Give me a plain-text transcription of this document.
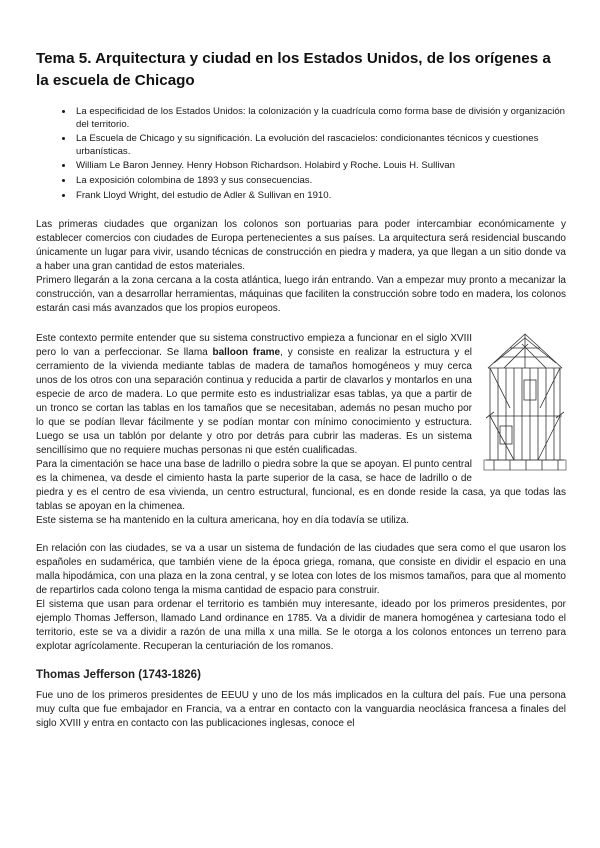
Tema 5. Arquitectura y ciudad en los Estados Unidos, de los orígenes a la escuela de Chicago
• La especificidad de los Estados Unidos: la colonización y la cuadrícula como forma base de división y organización del territorio.
• La Escuela de Chicago y su significación. La evolución del rascacielos: condicionantes técnicos y cuestiones urbanísticas.
• William Le Baron Jenney. Henry Hobson Richardson. Holabird y Roche. Louis H. Sullivan
• La exposición colombina de 1893 y sus consecuencias.
• Frank Lloyd Wright, del estudio de Adler & Sullivan en 1910.

Las primeras ciudades que organizan los colonos son portuarias para poder intercambiar económicamente y establecer comercios con ciudades de Europa pertenecientes a sus países. La arquitectura será residencial buscando únicamente un lugar para vivir, usando técnicas de construcción en piedra y madera, ya que llegan a un sitio donde va a haber una gran cantidad de estos materiales.

Primero llegarán a la zona cercana a la costa atlántica, luego irán entrando. Van a empezar muy pronto a mecanizar la construcción, van a desarrollar herramientas, máquinas que faciliten la construcción sobre todo en madera, los colonos estarán casi más avanzados que los propios europeos.

Este contexto permite entender que su sistema constructivo empieza a funcionar en el siglo XVIII pero lo van a perfeccionar. Se llama balloon frame, y consiste en realizar la estructura y el cerramiento de la vivienda mediante tablas de madera de tamaños homogéneos y muy cerca unos de los otros con una separación continua y reducida a partir de clavarlos y montarlos en una especie de arco de madera. Lo que permite esto es industrializar esas tablas, ya que a partir de un tronco se cortan las tablas en los tamaños que se necesitaban, además no pesan mucho por lo que se podían llevar fácilmente y se podían montar con mínimo conocimiento y estructura. Luego se usa un tablón por delante y otro por detrás para cubrir las maderas. Es un sistema sencillísimo que no requiere muchas personas ni que estén cualificadas.

Para la cimentación se hace una base de ladrillo o piedra sobre la que se apoyan. El punto central es la chimenea, va desde el cimiento hasta la parte superior de la casa, se hace de ladrillo o de piedra y es el centro de esa vivienda, un centro estructural, funcional, es en donde reside la casa, ya que todas las tablas se apoyan en la chimenea.

Este sistema se ha mantenido en la cultura americana, hoy en día todavía se utiliza.

En relación con las ciudades, se va a usar un sistema de fundación de las ciudades que sera como el que usaron los españoles en sudamérica, que también viene de la época griega, romana, que consiste en dividir el espacio en una malla hipodámica, con una plaza en la zona central, y se lotea con lotes de los mismos tamaños, para que al momento de repartirlos cada colono tenga la misma cantidad de espacio para construir.

El sistema que usan para ordenar el territorio es también muy interesante, ideado por los primeros presidentes, por ejemplo Thomas Jefferson, llamado Land ordinance en 1785. Va a dividir de manera homogénea y cartesiana todo el territorio, este se va a dividir a razón de una milla x una milla. Se le otorga a los colonos entonces un terreno para explotar agrícolamente. Recuperan la centuriación de los romanos.

Thomas Jefferson (1743-1826)

Fue uno de los primeros presidentes de EEUU y uno de los más implicados en la cultura del país. Fue una persona muy culta que fue embajador en Francia, va a entrar en contacto con la vanguardia neoclásica francesa a finales del siglo XVIII y entra en contacto con las publicaciones inglesas, conoce el
